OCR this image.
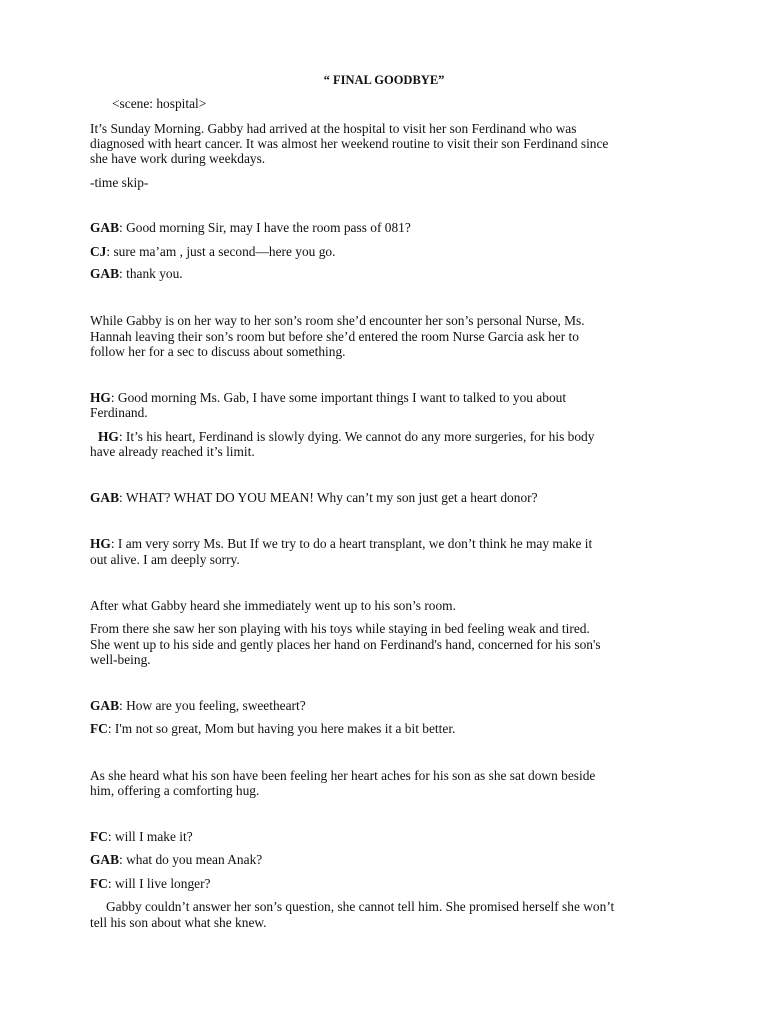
“ FINAL GOODBYE”

<scene: hospital>

It’s Sunday Morning. Gabby had arrived at the hospital to visit her son Ferdinand who was

diagnosed with heart cancer. It was almost her weekend routine to visit their son Ferdinand since

she have work during weekdays.

-time skip-

GAB: Good morning Sir, may I have the room pass of 081?

CJ: sure ma’am , just a second—here you go.

GAB: thank you.

While Gabby is on her way to her son’s room she’d encounter her son’s personal Nurse, Ms.

Hannah leaving their son’s room but before she’d entered the room Nurse Garcia ask her to

follow her for a sec to discuss about something.

HG: Good morning Ms. Gab, I have some important things I want to talked to you about

Ferdinand.

HG: It’s his heart, Ferdinand is slowly dying. We cannot do any more surgeries, for his body

have already reached it’s limit.

GAB: WHAT? WHAT DO YOU MEAN! Why can’t my son just get a heart donor?

HG: I am very sorry Ms. But If we try to do a heart transplant, we don’t think he may make it

out alive. I am deeply sorry.

After what Gabby heard she immediately went up to his son’s room.

From there she saw her son playing with his toys while staying in bed feeling weak and tired.

She went up to his side and gently places her hand on Ferdinand's hand, concerned for his son's

well-being.

GAB: How are you feeling, sweetheart?

FC: I'm not so great, Mom but having you here makes it a bit better.

As she heard what his son have been feeling her heart aches for his son as she sat down beside

him, offering a comforting hug.

FC: will I make it?

GAB: what do you mean Anak?

FC: will I live longer?

Gabby couldn’t answer her son’s question, she cannot tell him. She promised herself she won’t

tell his son about what she knew.
